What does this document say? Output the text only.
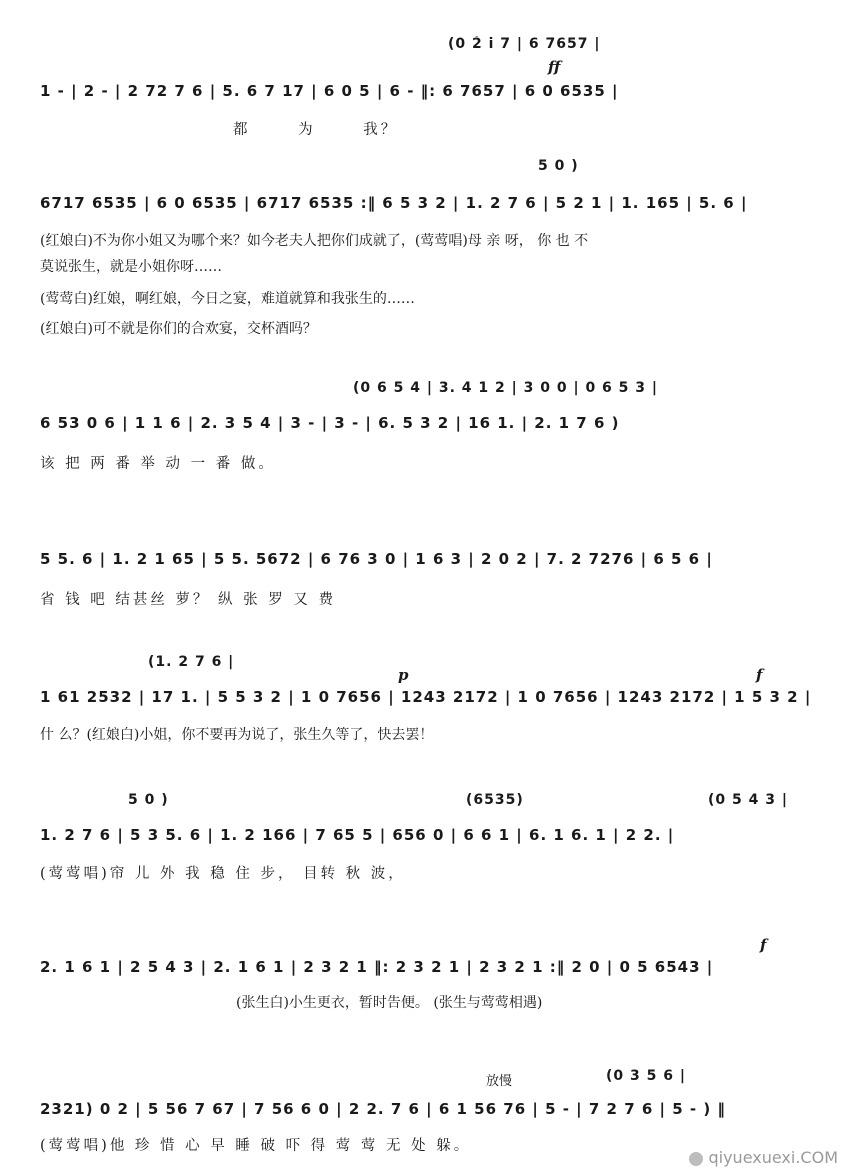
(0 2̇ i̇ 7 | 6 7657 |
ff
1 - | 2 - | 2 72 7 6 | 5. 6 7 17 | 6 0 5 | 6 - ‖: 6 7657 | 6 0 6535 |
都 为 我？
5 0 )
6717 6535 | 6 0 6535 | 6717 6535 :‖ 6 5 3 2 | 1. 2 7 6 | 5 2 1 | 1. 165 | 5. 6 |
(红娘白)不为你小姐又为哪个来？如今老夫人把你们成就了，(莺莺唱)母 亲 呀， 你 也 不
莫说张生，就是小姐你呀……
(莺莺白)红娘，啊红娘，今日之宴，难道就算和我张生的……
(红娘白)可不就是你们的合欢宴，交杯酒吗？
(0 6 5 4 | 3. 4 1 2 | 3 0 0 | 0 6 5 3 |
6 53 0 6 | 1 1 6 | 2. 3 5 4 | 3 - | 3 - | 6. 5 3 2 | 16 1. | 2. 1 7 6 )
该 把 两 番 举 动 一 番 做。
5 5. 6 | 1. 2 1 65 | 5 5. 5672 | 6 76 3 0 | 1 6 3 | 2 0 2 | 7. 2 7276 | 6 5 6 |
省 钱 吧 结甚丝 萝？ 纵 张 罗 又 费
(1. 2 7 6 |
p	f
1 61 2532 | 17 1. | 5 5 3 2 | 1 0 7656 | 1243 2172 | 1 0 7656 | 1243 2172 | 1 5 3 2 |
什 么？(红娘白)小姐，你不要再为说了，张生久等了，快去罢！
5 0 )	(6535)	(0 5 4 3 |
1. 2 7 6 | 5 3 5. 6 | 1. 2 166 | 7 65 5 | 656 0 | 6 6 1 | 6. 1 6. 1 | 2 2. |
(莺莺唱)帘 儿 外 我 稳 住 步， 目转 秋 波，
f
2. 1 6 1 | 2 5 4 3 | 2. 1 6 1 | 2 3 2 1 ‖: 2 3 2 1 | 2 3 2 1 :‖ 2 0 | 0 5 6543 |
(张生白)小生更衣，暂时告便。 (张生与莺莺相遇)
放慢	(0 3 5 6 |
2321) 0 2 | 5 56 7 67 | 7 56 6 0 | 2 2. 7 6 | 6 1 56 76 | 5 - | 7 2 7 6 | 5 - ) ‖
(莺莺唱)他 珍 惜 心 早 睡 破 吓 得 莺 莺 无 处 躲。
qiyuexuexi.COM
